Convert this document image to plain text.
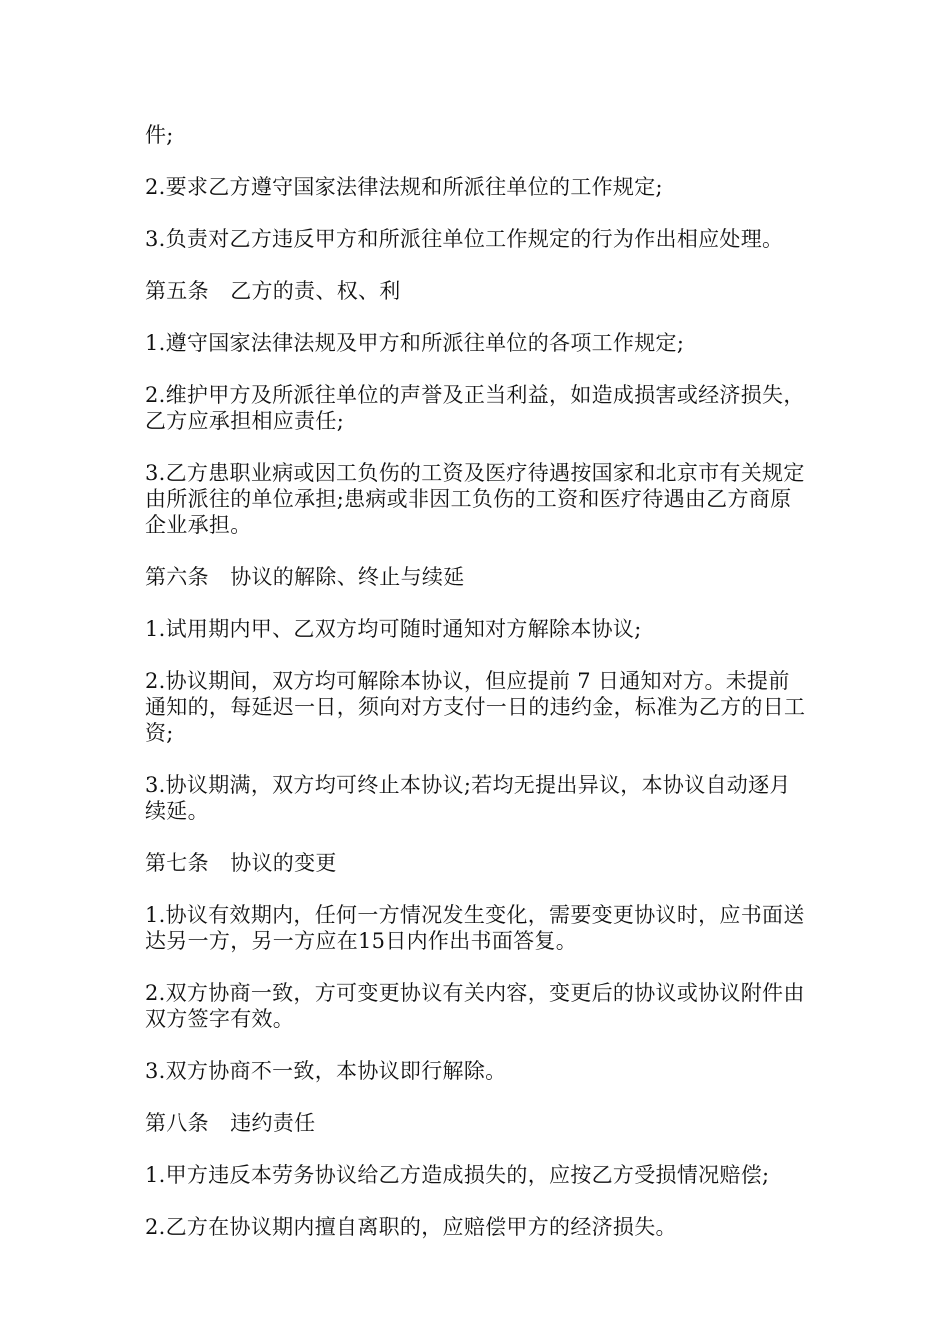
件;

2.要求乙方遵守国家法律法规和所派往单位的工作规定;

3.负责对乙方违反甲方和所派往单位工作规定的行为作出相应处理。

第五条　乙方的责、权、利

1.遵守国家法律法规及甲方和所派往单位的各项工作规定;

2.维护甲方及所派往单位的声誉及正当利益，如造成损害或经济损失，乙方应承担相应责任;

3.乙方患职业病或因工负伤的工资及医疗待遇按国家和北京市有关规定由所派往的单位承担;患病或非因工负伤的工资和医疗待遇由乙方商原企业承担。

第六条　协议的解除、终止与续延

1.试用期内甲、乙双方均可随时通知对方解除本协议;

2.协议期间，双方均可解除本协议，但应提前 7 日通知对方。未提前通知的，每延迟一日，须向对方支付一日的违约金，标准为乙方的日工资;

3.协议期满，双方均可终止本协议;若均无提出异议，本协议自动逐月续延。

第七条　协议的变更

1.协议有效期内，任何一方情况发生变化，需要变更协议时，应书面送达另一方，另一方应在15日内作出书面答复。

2.双方协商一致，方可变更协议有关内容，变更后的协议或协议附件由双方签字有效。

3.双方协商不一致，本协议即行解除。

第八条　违约责任

1.甲方违反本劳务协议给乙方造成损失的，应按乙方受损情况赔偿;

2.乙方在协议期内擅自离职的，应赔偿甲方的经济损失。
